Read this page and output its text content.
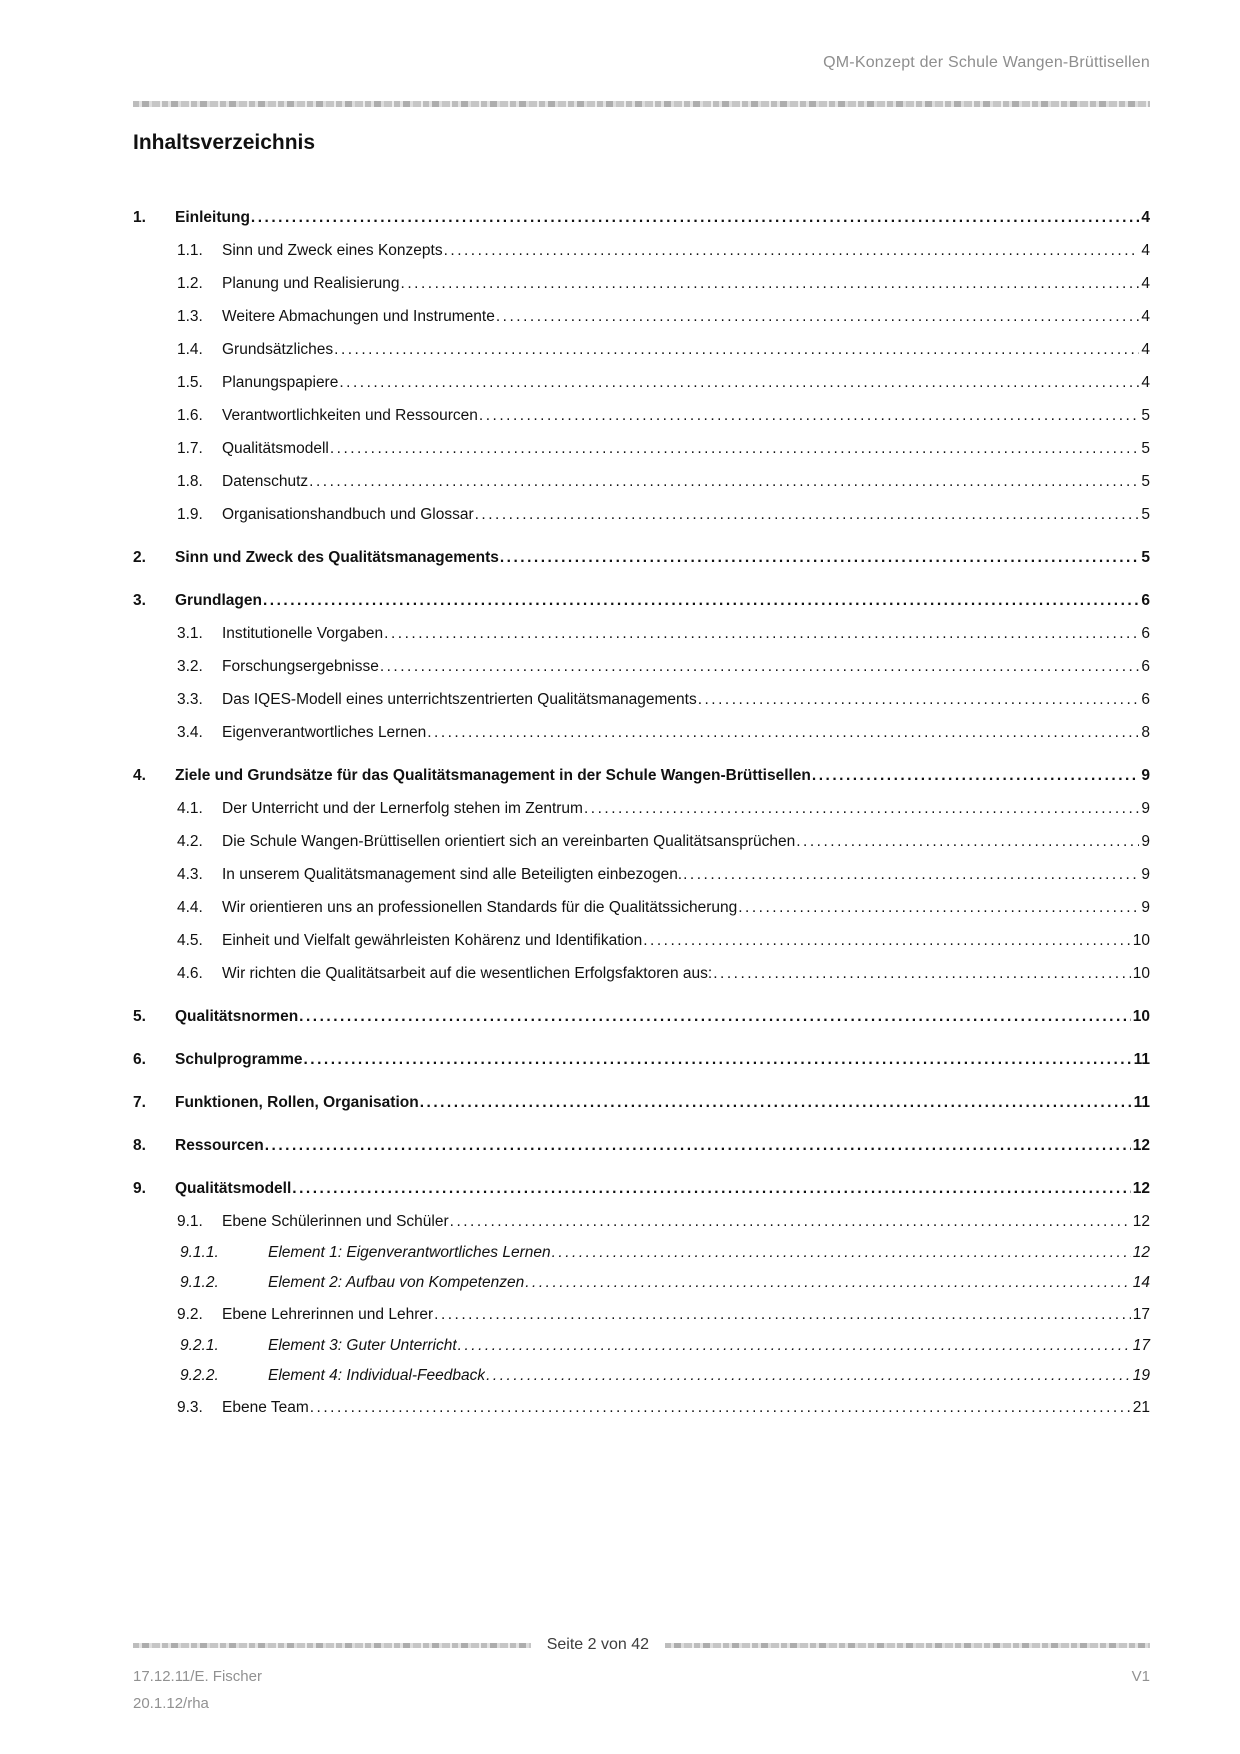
QM-Konzept der Schule Wangen-Brüttisellen
Inhaltsverzeichnis
1.	Einleitung .....	4
1.1.	Sinn und Zweck eines Konzepts .....	4
1.2.	Planung und Realisierung .....	4
1.3.	Weitere Abmachungen und Instrumente .....	4
1.4.	Grundsätzliches .....	4
1.5.	Planungspapiere .....	4
1.6.	Verantwortlichkeiten und Ressourcen .....	5
1.7.	Qualitätsmodell .....	5
1.8.	Datenschutz .....	5
1.9.	Organisationshandbuch und Glossar .....	5
2.	Sinn und Zweck des Qualitätsmanagements .....	5
3.	Grundlagen .....	6
3.1.	Institutionelle Vorgaben .....	6
3.2.	Forschungsergebnisse .....	6
3.3.	Das IQES-Modell eines unterrichtszentrierten Qualitätsmanagements .....	6
3.4.	Eigenverantwortliches Lernen .....	8
4.	Ziele und Grundsätze für das Qualitätsmanagement in der Schule Wangen-Brüttisellen .....	9
4.1.	Der Unterricht und der Lernerfolg stehen im Zentrum .....	9
4.2.	Die Schule Wangen-Brüttisellen orientiert sich an vereinbarten Qualitätsansprüchen .....	9
4.3.	In unserem Qualitätsmanagement sind alle Beteiligten einbezogen. .....	9
4.4.	Wir orientieren uns an professionellen Standards für die Qualitätssicherung .....	9
4.5.	Einheit und Vielfalt gewährleisten Kohärenz und Identifikation .....	10
4.6.	Wir richten die Qualitätsarbeit auf die wesentlichen Erfolgsfaktoren aus: .....	10
5.	Qualitätsnormen .....	10
6.	Schulprogramme .....	11
7.	Funktionen, Rollen, Organisation .....	11
8.	Ressourcen .....	12
9.	Qualitätsmodell .....	12
9.1.	Ebene Schülerinnen und Schüler .....	12
9.1.1.	Element 1: Eigenverantwortliches Lernen .....	12
9.1.2.	Element 2: Aufbau von Kompetenzen .....	14
9.2.	Ebene Lehrerinnen und Lehrer .....	17
9.2.1.	Element 3: Guter Unterricht .....	17
9.2.2.	Element 4: Individual-Feedback .....	19
9.3.	Ebene Team .....	21
Seite 2 von 42
17.12.11/E. Fischer
20.1.12/rha
V1
